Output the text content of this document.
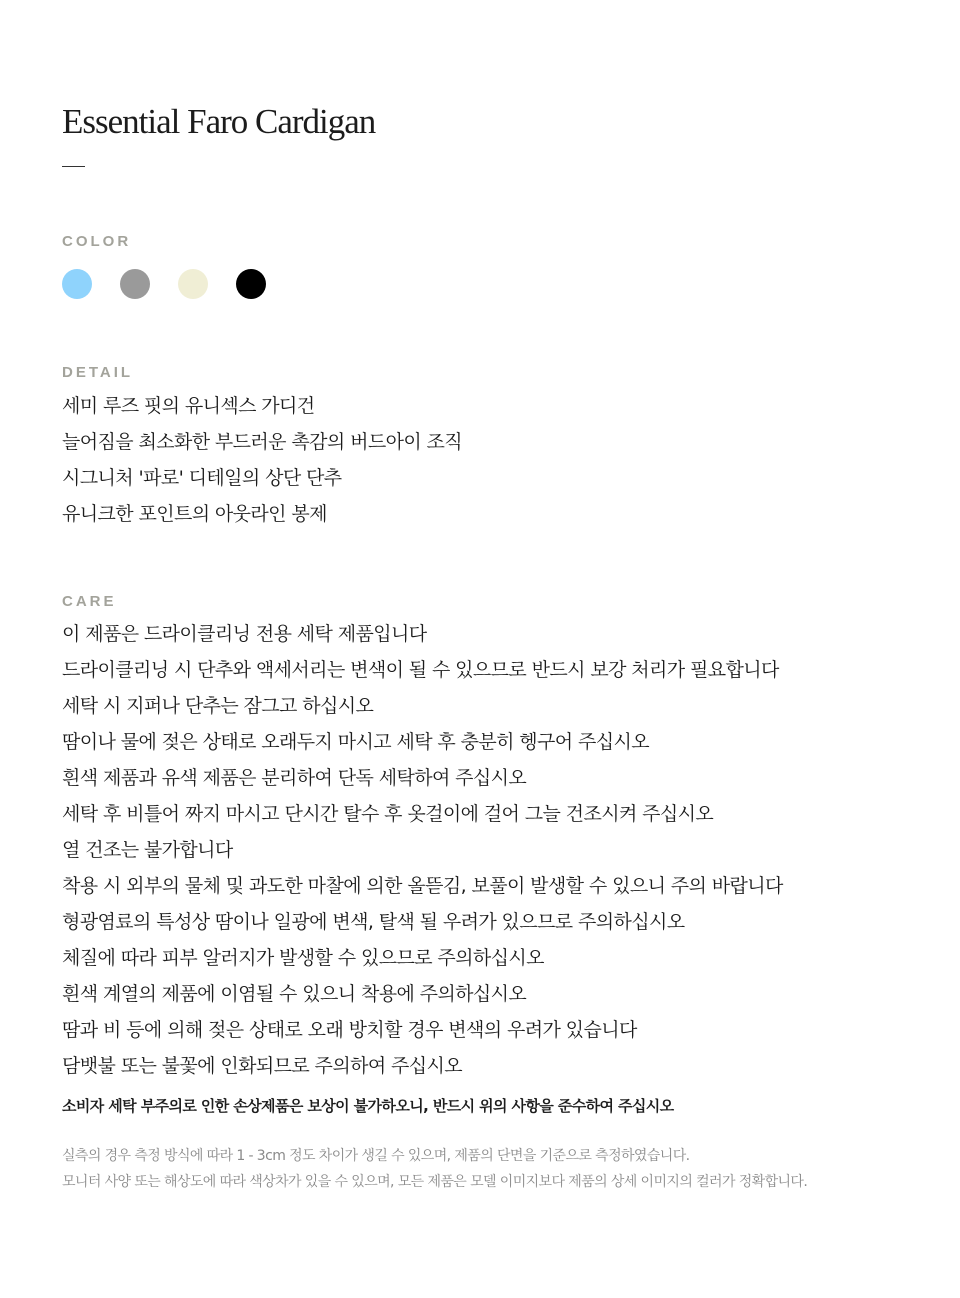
Essential Faro Cardigan
COLOR
DETAIL
세미 루즈 핏의 유니섹스 가디건
늘어짐을 최소화한 부드러운 촉감의 버드아이 조직
시그니처 '파로' 디테일의 상단 단추
유니크한 포인트의 아웃라인 봉제
CARE
이 제품은 드라이클리닝 전용 세탁 제품입니다
드라이클리닝 시 단추와 액세서리는 변색이 될 수 있으므로 반드시 보강 처리가 필요합니다
세탁 시 지퍼나 단추는 잠그고 하십시오
땀이나 물에 젖은 상태로 오래두지 마시고 세탁 후 충분히 헹구어 주십시오
흰색 제품과 유색 제품은 분리하여 단독 세탁하여 주십시오
세탁 후 비틀어 짜지 마시고 단시간 탈수 후 옷걸이에 걸어 그늘 건조시켜 주십시오
열 건조는 불가합니다
착용 시 외부의 물체 및 과도한 마찰에 의한 올뜯김, 보풀이 발생할 수 있으니 주의 바랍니다
형광염료의 특성상 땀이나 일광에 변색, 탈색 될 우려가 있으므로 주의하십시오
체질에 따라 피부 알러지가 발생할 수 있으므로 주의하십시오
흰색 계열의 제품에 이염될 수 있으니 착용에 주의하십시오
땀과 비 등에 의해 젖은 상태로 오래 방치할 경우 변색의 우려가 있습니다
담뱃불 또는 불꽃에 인화되므로 주의하여 주십시오
소비자 세탁 부주의로 인한 손상제품은 보상이 불가하오니, 반드시 위의 사항을 준수하여 주십시오
실측의 경우 측정 방식에 따라 1 - 3cm 정도 차이가 생길 수 있으며, 제품의 단면을 기준으로 측정하였습니다.
모니터 사양 또는 해상도에 따라 색상차가 있을 수 있으며, 모든 제품은 모델 이미지보다 제품의 상세 이미지의 컬러가 정확합니다.
